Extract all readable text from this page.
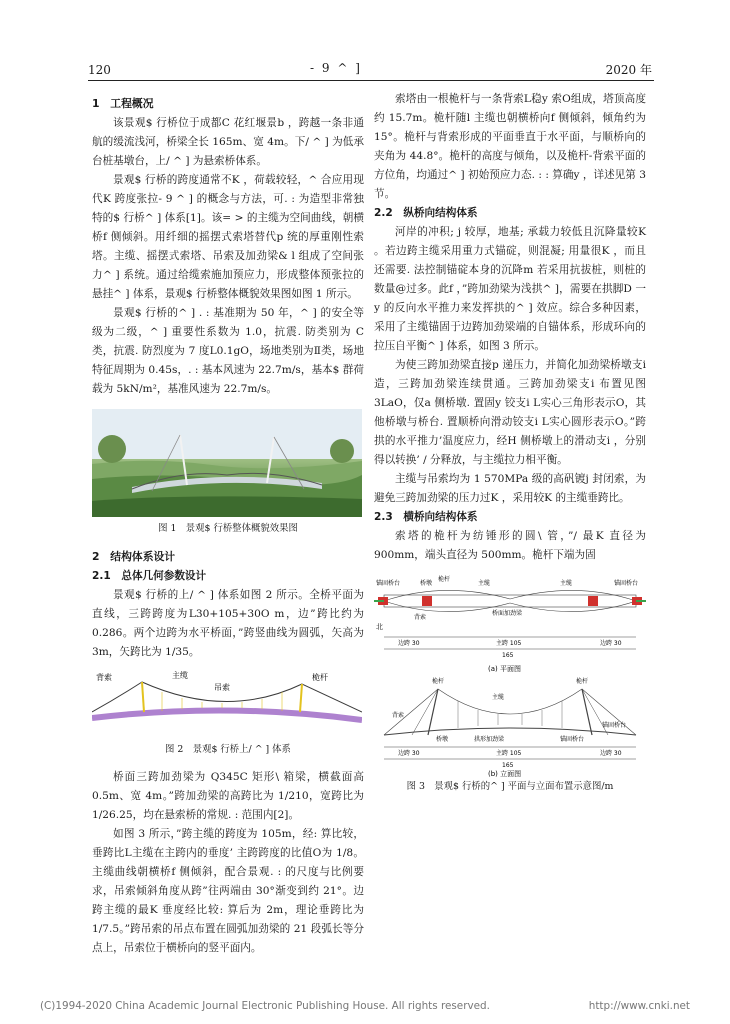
120	- 9 ^ ]	2020 年
1　工程概况

该景观$ 行桥位于成都C 花红堰景b ，跨越一条非通航的缓流浅河，桥梁全长 165m、宽 4m。下/ ^ ] 为低承台桩基墩台，上/ ^ ] 为悬索桥体系。

景观$ 行桥的跨度通常不K ，荷载较轻，^ 合应用现代K 跨度张拉- 9 ^ ] 的概念与方法，可. : 为造型非常独特的$ 行桥^ ] 体系[1]。该= > 的主缆为空间曲线，朝横桥f 侧倾斜。用纤细的摇摆式索塔替代p 统的厚重刚性索塔。主缆、摇摆式索塔、吊索及加劲梁& l 组成了空间张力^ ] 系统。通过给缆索施加预应力，形成整体预张拉的悬挂^ ] 体系，景观$ 行桥整体概貌效果图如图 1 所示。

景观$ 行桥的^ ] . : 基准期为 50 年，^ ] 的安全等级为二级，^ ] 重要性系数为 1.0，抗震. 防类别为 C 类，抗震. 防烈度为 7 度L0.1gO，场地类别为Ⅱ类，场地特征周期为 0.45s，. : 基本风速为 22.7m/s，基本$ 群荷载为 5kN/m²，基准风速为 22.7m/s。

图 1　景观$ 行桥整体概貌效果图
2　结构体系设计
2.1　总体几何参数设计

景观$ 行桥的上/ ^ ] 体系如图 2 所示。全桥平面为直线，三跨跨度为L30+105+30O m，边”跨比约为 0.286。两个边跨为水平桥面，”跨竖曲线为圆弧，矢高为 3m，矢跨比为 1/35。

背索	主缆
吊索
桅杆
图 2　景观$ 行桥上/ ^ ] 体系

桥面三跨加劲梁为 Q345C 矩形\ 箱梁，横截面高 0.5m、宽 4m。”跨加劲梁的高跨比为 1/210，宽跨比为 1/26.25，均在悬索桥的常规. : 范围内[2]。

如图 3 所示，”跨主缆的跨度为 105m，经: 算比较，垂跨比L主缆在主跨内的垂度’ 主跨跨度的比值O为 1/8。主缆曲线朝横桥f 侧倾斜，配合景观. : 的尺度与比例要求，吊索倾斜角度从跨”往两端由 30°渐变到约 21°。边跨主缆的最K 垂度经比较: 算后为 2m，理论垂跨比为 1/7.5。”跨吊索的吊点布置在圆弧加劲梁的 21 段弧长等分点上，吊索位于横桥向的竖平面内。

索塔由一根桅杆与一条背索L稳y 索O组成，塔顶高度约 15.7m。桅杆随l 主缆也朝横桥向f 侧倾斜，倾角约为 15°。桅杆与背索形成的平面垂直于水平面，与顺桥向的夹角为 44.8°。桅杆的高度与倾角，以及桅杆-背索平面的方位角，均通过^ ] 初始预应力态. : : 算确y ，详述见第 3 节。

2.2　纵桥向结构体系

河岸的冲积; j 较厚，地基; 承载力较低且沉降量较K 。若边跨主缆采用重力式锚碇，则混凝; 用量很K ，而且还需要. 法控制锚碇本身的沉降m 若采用抗拔桩，则桩的数量@过多。此f ，”跨加劲梁为浅拱^ ]，需要在拱脚D 一y 的反向水平推力来发挥拱的^ ] 效应。综合多种因素，采用了主缆锚固于边跨加劲梁端的自锚体系，形成环向的拉压自平衡^ ] 体系，如图 3 所示。

为使三跨加劲梁直接p 递压力，并简化加劲梁桥墩支i 造，三跨加劲梁连续贯通。三跨加劲梁支i 布置见图 3LaO，仅a 侧桥墩. 置固y 铰支i L实心三角形表示O，其他桥墩与桥台. 置顺桥向滑动铰支i L实心圆形表示O。”跨拱的水平推力’温度应力，经H 侧桥墩上的滑动支i ，分别得以转换’ / 分释放，与主缆拉力相平衡。

主缆与吊索均为 1 570MPa 级的高矾镀j 封闭索，为避免三跨加劲梁的压力过K ，采用较K 的主缆垂跨比。

2.3　横桥向结构体系

索塔的桅杆为纺锤形的圆\ 管，”/ 最K 直径为 900mm，端头直径为 500mm。桅杆下端为固

锚固桥台	桥墩
桅杆
主缆
桥面加劲梁
背索
主缆	锚固桥台
北
边跨 30	主跨 105	边跨 30
165
(a) 平面图
桅杆
主缆
桅杆
背索
拱形加劲梁
桥墩	锚固桥台
锚固桥台
边跨 30	主跨 105	边跨 30
165
(b) 立面图
图 3　景观$ 行桥的^ ] 平面与立面布置示意图/m
(C)1994-2020 China Academic Journal Electronic Publishing House. All rights reserved.	http://www.cnki.net
